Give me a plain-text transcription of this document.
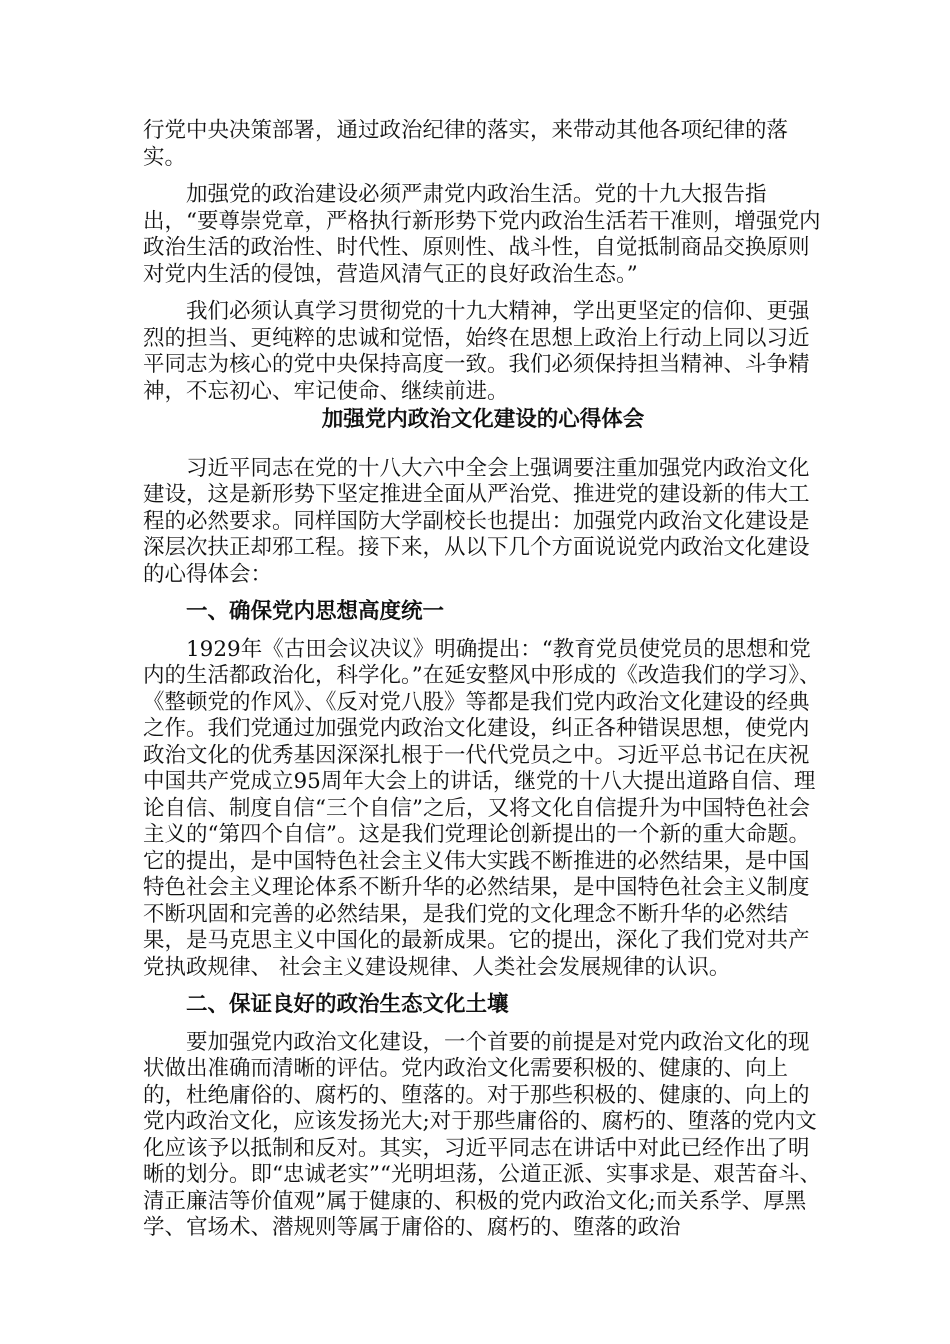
行党中央决策部署，通过政治纪律的落实，来带动其他各项纪律的落实。

加强党的政治建设必须严肃党内政治生活。党的十九大报告指出，“要尊崇党章，严格执行新形势下党内政治生活若干准则，增强党内政治生活的政治性、时代性、原则性、战斗性，自觉抵制商品交换原则对党内生活的侵蚀，营造风清气正的良好政治生态。”

我们必须认真学习贯彻党的十九大精神，学出更坚定的信仰、更强烈的担当、更纯粹的忠诚和觉悟，始终在思想上政治上行动上同以习近平同志为核心的党中央保持高度一致。我们必须保持担当精神、斗争精神，不忘初心、牢记使命、继续前进。

加强党内政治文化建设的心得体会

习近平同志在党的十八大六中全会上强调要注重加强党内政治文化建设，这是新形势下坚定推进全面从严治党、推进党的建设新的伟大工程的必然要求。同样国防大学副校长也提出：加强党内政治文化建设是深层次扶正却邪工程。接下来，从以下几个方面说说党内政治文化建设的心得体会：

一、确保党内思想高度统一

1929年《古田会议决议》明确提出：“教育党员使党员的思想和党内的生活都政治化，科学化。”在延安整风中形成的《改造我们的学习》、《整顿党的作风》、《反对党八股》等都是我们党内政治文化建设的经典之作。我们党通过加强党内政治文化建设，纠正各种错误思想，使党内政治文化的优秀基因深深扎根于一代代党员之中。习近平总书记在庆祝中国共产党成立95周年大会上的讲话，继党的十八大提出道路自信、理论自信、制度自信“三个自信”之后，又将文化自信提升为中国特色社会主义的“第四个自信”。这是我们党理论创新提出的一个新的重大命题。它的提出，是中国特色社会主义伟大实践不断推进的必然结果，是中国特色社会主义理论体系不断升华的必然结果，是中国特色社会主义制度不断巩固和完善的必然结果，是我们党的文化理念不断升华的必然结果，是马克思主义中国化的最新成果。它的提出，深化了我们党对共产党执政规律、 社会主义建设规律、人类社会发展规律的认识。

二、保证良好的政治生态文化土壤

要加强党内政治文化建设，一个首要的前提是对党内政治文化的现状做出准确而清晰的评估。党内政治文化需要积极的、健康的、向上的，杜绝庸俗的、腐朽的、堕落的。对于那些积极的、健康的、向上的党内政治文化，应该发扬光大;对于那些庸俗的、腐朽的、堕落的党内文化应该予以抵制和反对。其实，习近平同志在讲话中对此已经作出了明晰的划分。即“忠诚老实”“光明坦荡，公道正派、实事求是、艰苦奋斗、清正廉洁等价值观”属于健康的、积极的党内政治文化;而关系学、厚黑学、官场术、潜规则等属于庸俗的、腐朽的、堕落的政治
